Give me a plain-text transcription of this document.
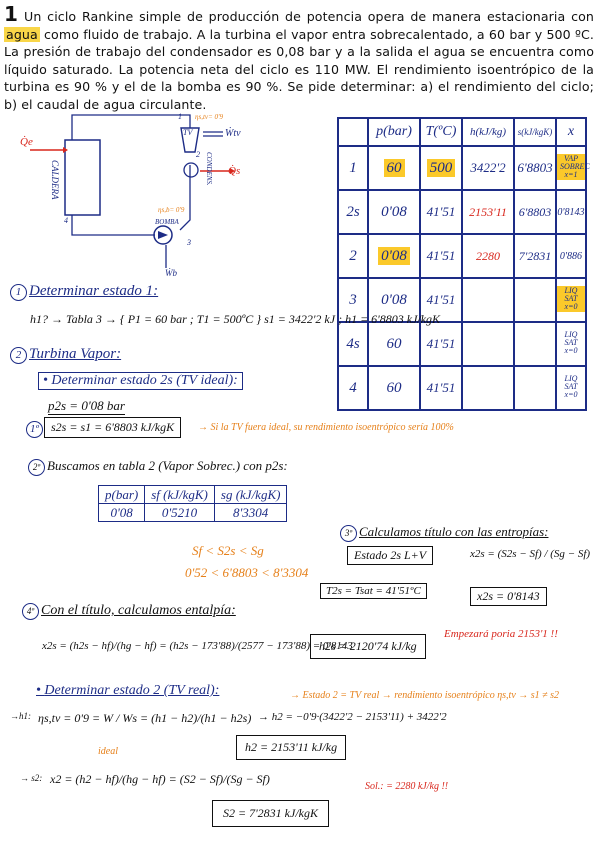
1 Un ciclo Rankine simple de producción de potencia opera de manera estacionaria con agua como fluido de trabajo. A la turbina el vapor entra sobrecalentado, a 60 bar y 500 ºC. La presión de trabajo del condensador es 0,08 bar y a la salida el agua se encuentra como líquido saturado. La potencia neta del ciclo es 110 MW. El rendimiento isoentrópico de la turbina es 90 % y el de la bomba es 90 %. Se pide determinar: a) el rendimiento del ciclo; b) el caudal de agua circulante.
CALDERA	CONDENS.
TV
BOMBA
Q̇e
Q̇s
Ẇtv
Ẇb
ηs,tv= 0'9
ηs,b= 0'9
1
2
3
4
	p(bar)	T(ºC)	h(kJ/kg)	s(kJ/kgK)	x
1	60	500	3422'2	6'8803	VAP SOBREC x=1
2s	0'08	41'51	2153'11	6'8803	0'8143
2	0'08	41'51	2280	7'2831	0'886
3	0'08	41'51			LIQ SAT x=0
4s	60	41'51			LIQ SAT x=0
4	60	41'51			LIQ SAT x=0
1 Determinar estado 1:
h1? → Tabla 3 → { P1 = 60 bar ; T1 = 500ºC } s1 = 3422'2 kJ ; h1 = 6'8803 kJ/kgK
2 Turbina Vapor:
• Determinar estado 2s (TV ideal):
p2s = 0'08 bar
1º	s2s = s1 = 6'8803 kJ/kgK	→ Si la TV fuera ideal, su rendimiento isoentrópico sería 100%
2º Buscamos en tabla 2 (Vapor Sobrec.) con p2s:
p(bar)	sf (kJ/kgK)	sg (kJ/kgK)
0'08	0'5210	8'3304
Sf < S2s < Sg
0'52 < 6'8803 < 8'3304
3º Calculamos título con las entropías:
Estado 2s L+V	x2s = (S2s − Sf) / (Sg − Sf)
T2s = Tsat = 41'51ºC	x2s = 0'8143
4º Con el título, calculamos entalpía:
x2s = (h2s − hf)/(hg − hf) = (h2s − 173'88)/(2577 − 173'88) = 0'8143
h2s = 2120'74 kJ/kg
Empezará poria 2153'1 !!
• Determinar estado 2 (TV real):	→ Estado 2 = TV real → rendimiento isoentrópico ηs,tv → s1 ≠ s2
→h1: ηs,tv = 0'9 = W / Ws = (h1 − h2)/(h1 − h2s) → h2 = −0'9·(3422'2 − 2153'11) + 3422'2
ideal	h2 = 2153'11 kJ/kg
→ s2: x2 = (h2 − hf)/(hg − hf) = (S2 − Sf)/(Sg − Sf)
Sol.: = 2280 kJ/kg !!
S2 = 7'2831 kJ/kgK
